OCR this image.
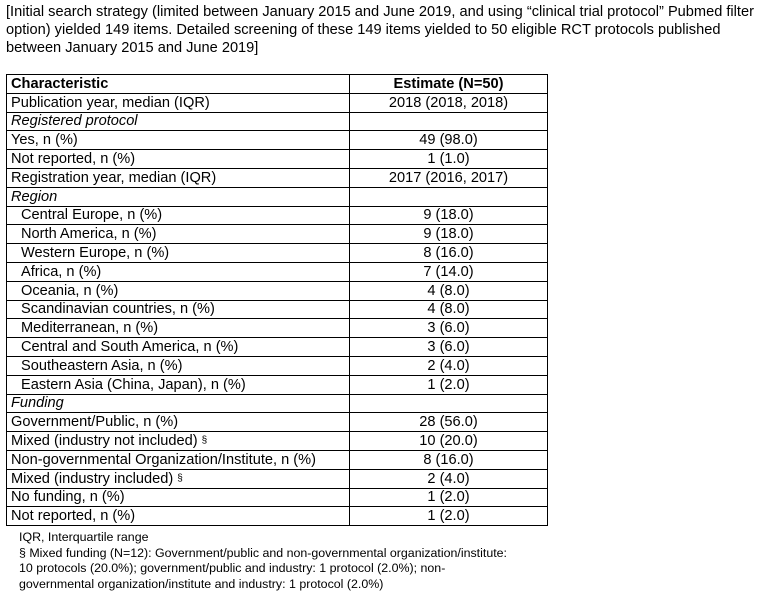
[Initial search strategy (limited between January 2015 and June 2019, and using “clinical trial protocol” Pubmed filter option) yielded 149 items. Detailed screening of these 149 items yielded to 50 eligible RCT protocols published between January 2015 and June 2019]

Characteristic	Estimate (N=50)
Publication year, median (IQR)	2018 (2018, 2018)
Registered protocol	
Yes, n (%)	49 (98.0)
Not reported, n (%)	1 (1.0)
Registration year, median (IQR)	2017 (2016, 2017)
Region	
Central Europe, n (%)	9 (18.0)
North America, n (%)	9 (18.0)
Western Europe, n (%)	8 (16.0)
Africa, n (%)	7 (14.0)
Oceania, n (%)	4 (8.0)
Scandinavian countries, n (%)	4 (8.0)
Mediterranean, n (%)	3 (6.0)
Central and South America, n (%)	3 (6.0)
Southeastern Asia, n (%)	2 (4.0)
Eastern Asia (China, Japan), n (%)	1 (2.0)
Funding	
Government/Public, n (%)	28 (56.0)
Mixed (industry not included) §	10 (20.0)
Non-governmental Organization/Institute, n (%)	8 (16.0)
Mixed (industry included) §	2 (4.0)
No funding, n (%)	1 (2.0)
Not reported, n (%)	1 (2.0)

IQR, Interquartile range

§ Mixed funding (N=12): Government/public and non-governmental organization/institute: 10 protocols (20.0%); government/public and industry: 1 protocol (2.0%); non-governmental organization/institute and industry: 1 protocol (2.0%)
